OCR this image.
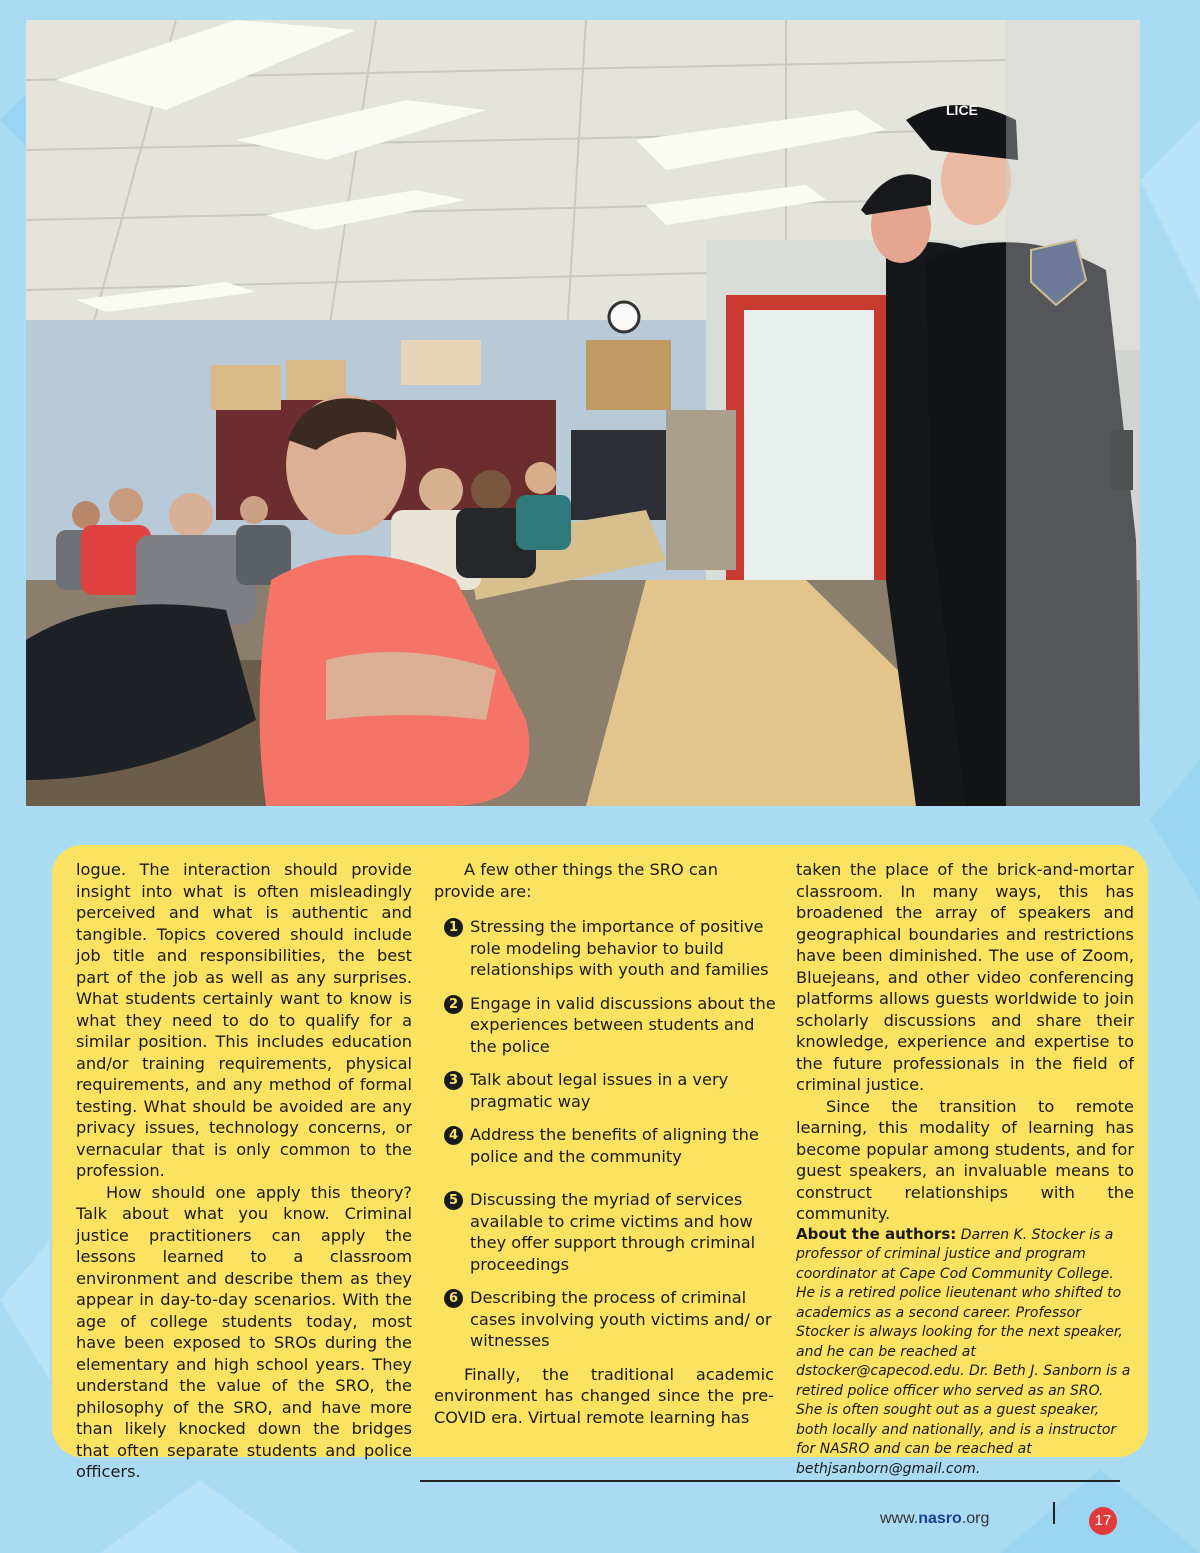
LICE

logue. The interaction should provide insight into what is often misleadingly perceived and what is authentic and tangible. Topics covered should include job title and responsibilities, the best part of the job as well as any surprises. What students certainly want to know is what they need to do to qualify for a similar position. This includes education and/or training requirements, physical requirements, and any method of formal testing. What should be avoided are any privacy issues, technology concerns, or vernacular that is only common to the profession.

How should one apply this theory? Talk about what you know. Criminal justice practitioners can apply the lessons learned to a classroom environment and describe them as they appear in day-to-day scenarios. With the age of college students today, most have been exposed to SROs during the elementary and high school years. They understand the value of the SRO, the philosophy of the SRO, and have more than likely knocked down the bridges that often separate students and police officers.

A few other things the SRO can provide are:

1 Stressing the importance of positive role modeling behavior to build relationships with youth and families
2 Engage in valid discussions about the experiences between students and the police
3 Talk about legal issues in a very pragmatic way
4 Address the benefits of aligning the police and the community
5 Discussing the myriad of services available to crime victims and how they offer support through criminal proceedings
6 Describing the process of criminal cases involving youth victims and/ or witnesses

Finally, the traditional academic environment has changed since the pre-COVID era. Virtual remote learning has

taken the place of the brick-and-mortar classroom. In many ways, this has broadened the array of speakers and geographical boundaries and restrictions have been diminished. The use of Zoom, Bluejeans, and other video conferencing platforms allows guests worldwide to join scholarly discussions and share their knowledge, experience and expertise to the future professionals in the field of criminal justice.

Since the transition to remote learning, this modality of learning has become popular among students, and for guest speakers, an invaluable means to construct relationships with the community.

About the authors: Darren K. Stocker is a professor of criminal justice and program coordinator at Cape Cod Community College. He is a retired police lieutenant who shifted to academics as a second career. Professor Stocker is always looking for the next speaker, and he can be reached at dstocker@capecod.edu. Dr. Beth J. Sanborn is a retired police officer who served as an SRO. She is often sought out as a guest speaker, both locally and nationally, and is a instructor for NASRO and can be reached at bethjsanborn@gmail.com.

www.nasro.org	17
